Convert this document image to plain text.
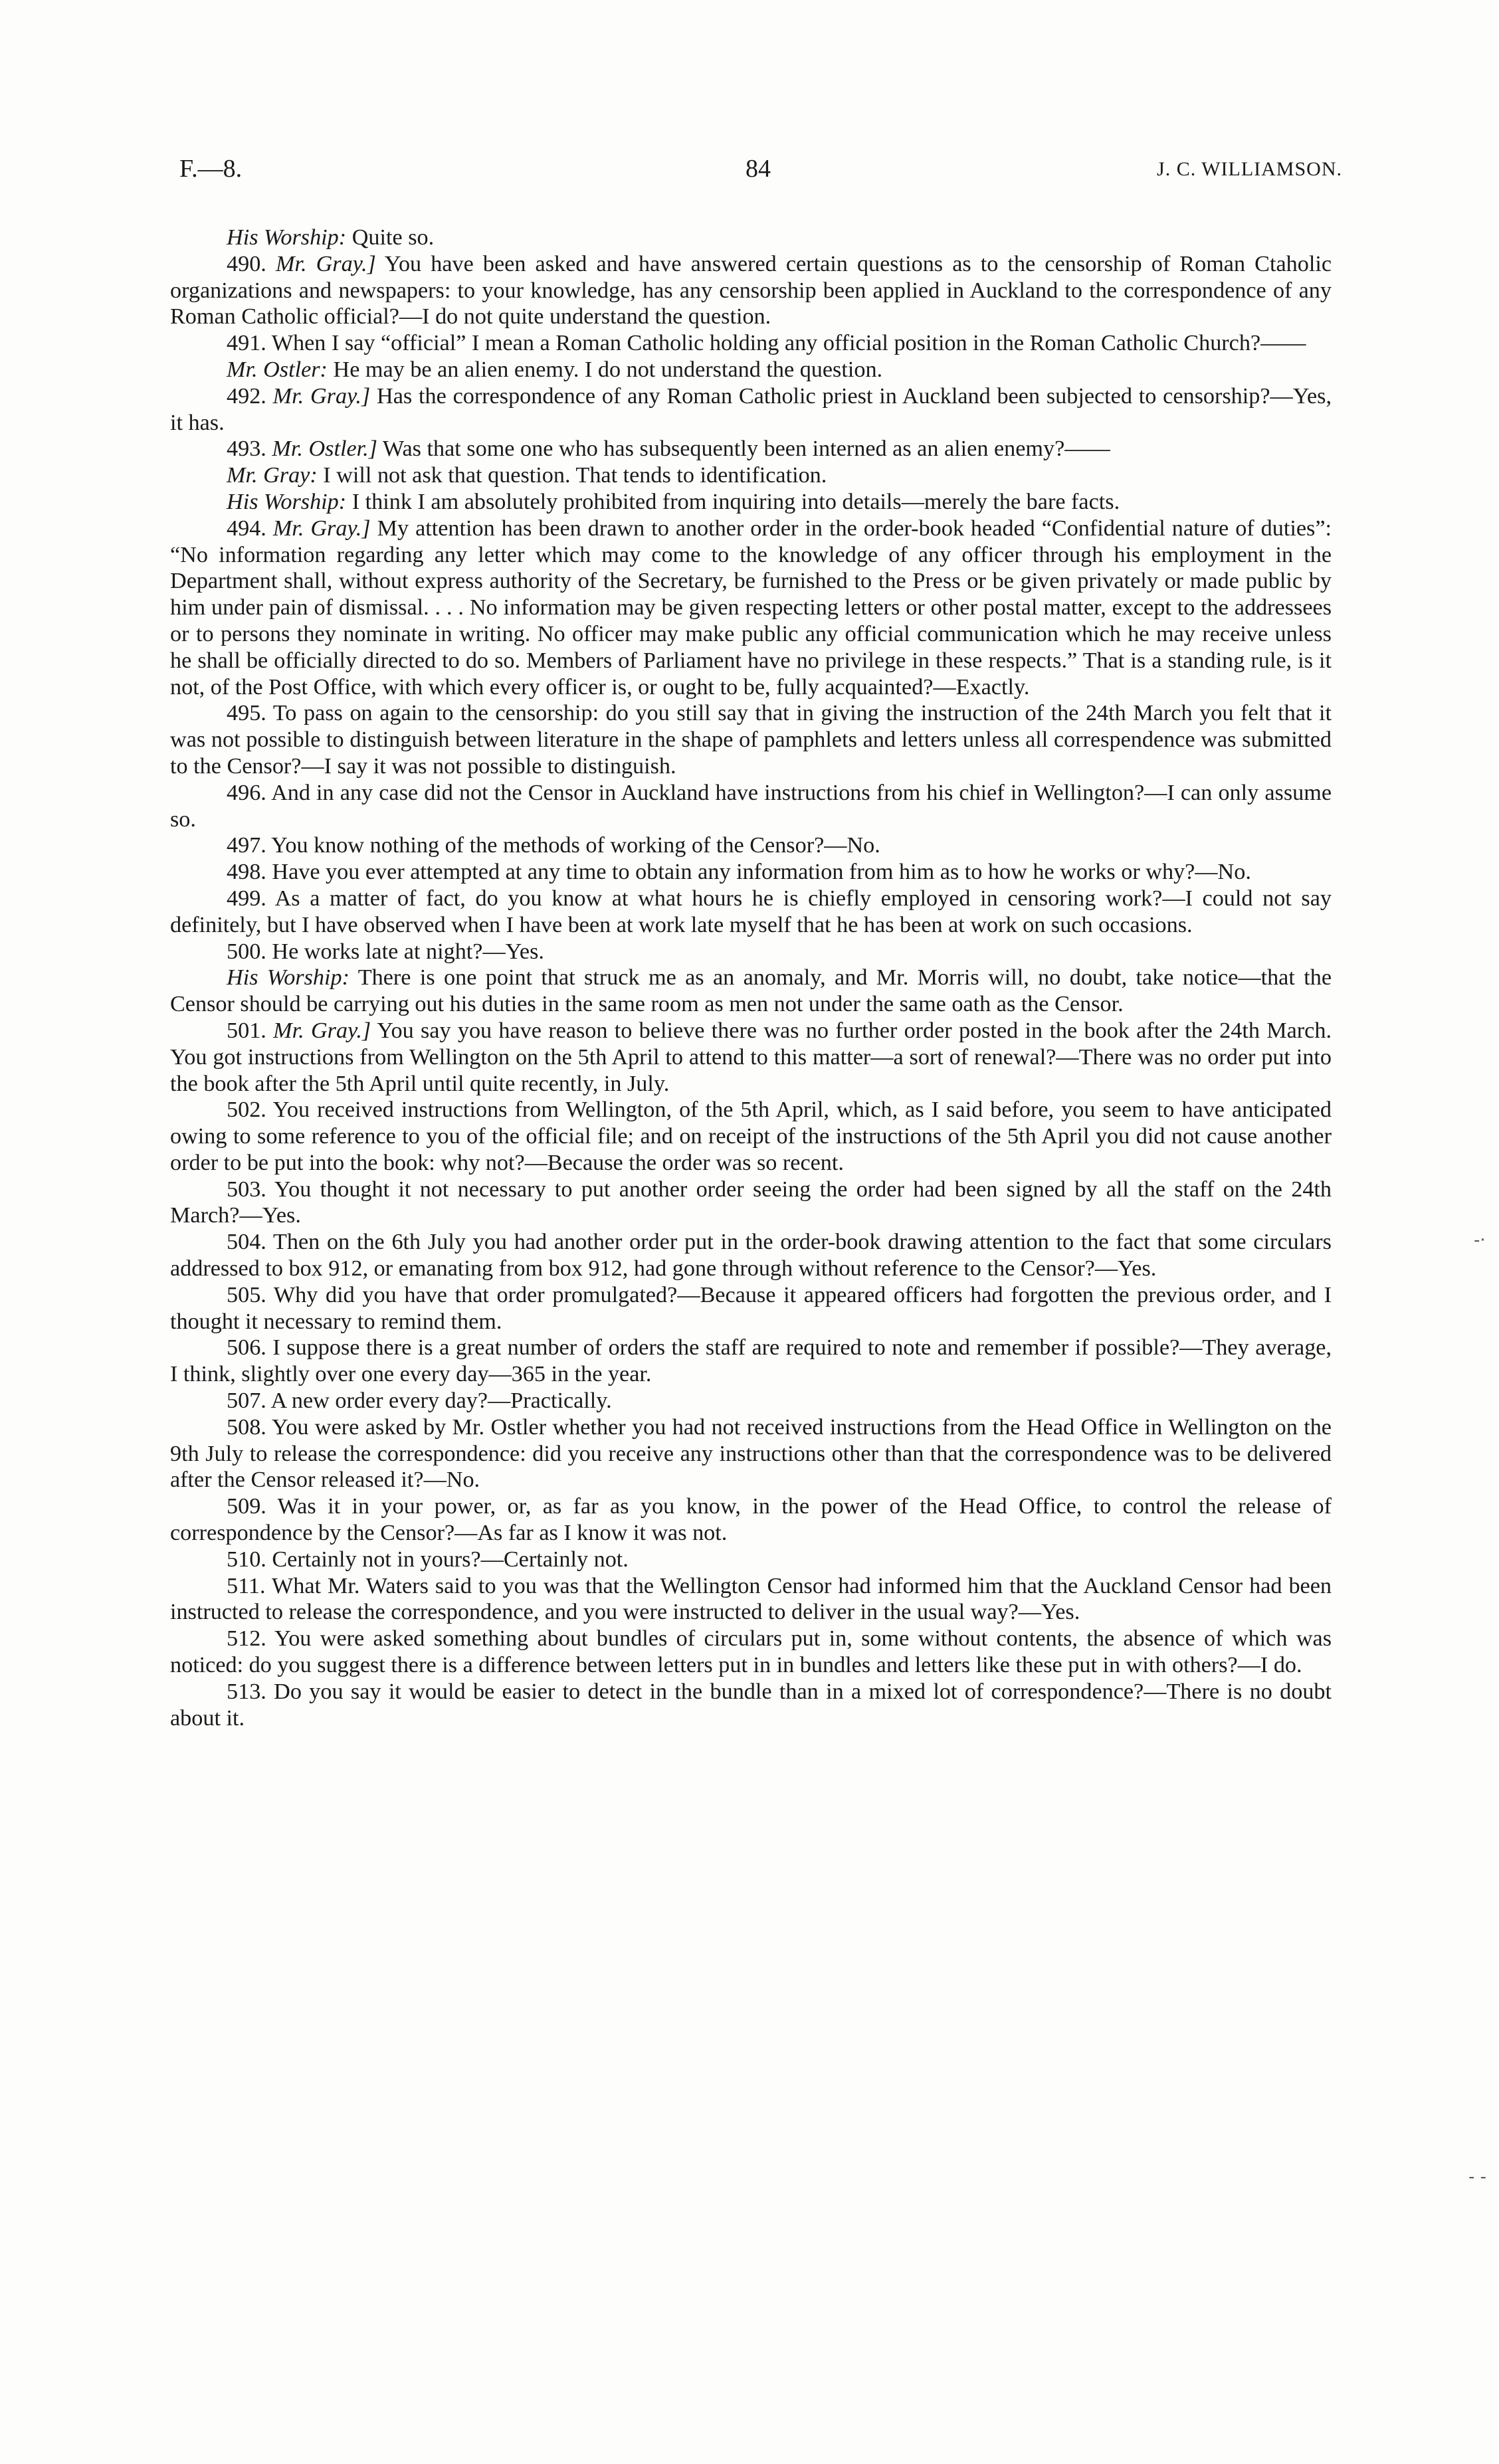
F.—8.	84	J. C. WILLIAMSON.

His Worship: Quite so.

490. Mr. Gray.] You have been asked and have answered certain questions as to the censorship of Roman Ctaholic organizations and newspapers: to your knowledge, has any censorship been applied in Auckland to the correspondence of any Roman Catholic official?—I do not quite understand the question.

491. When I say “official” I mean a Roman Catholic holding any official position in the Roman Catholic Church?——

Mr. Ostler: He may be an alien enemy. I do not understand the question.

492. Mr. Gray.] Has the correspondence of any Roman Catholic priest in Auckland been subjected to censorship?—Yes, it has.

493. Mr. Ostler.] Was that some one who has subsequently been interned as an alien enemy?——

Mr. Gray: I will not ask that question. That tends to identification.

His Worship: I think I am absolutely prohibited from inquiring into details—merely the bare facts.

494. Mr. Gray.] My attention has been drawn to another order in the order-book headed “Confidential nature of duties”: “No information regarding any letter which may come to the knowledge of any officer through his employment in the Department shall, without express authority of the Secretary, be furnished to the Press or be given privately or made public by him under pain of dismissal. . . . No information may be given respecting letters or other postal matter, except to the addressees or to persons they nominate in writing. No officer may make public any official communication which he may receive unless he shall be officially directed to do so. Members of Parliament have no privilege in these respects.” That is a standing rule, is it not, of the Post Office, with which every officer is, or ought to be, fully acquainted?—Exactly.

495. To pass on again to the censorship: do you still say that in giving the instruction of the 24th March you felt that it was not possible to distinguish between literature in the shape of pamphlets and letters unless all correspendence was submitted to the Censor?—I say it was not possible to distinguish.

496. And in any case did not the Censor in Auckland have instructions from his chief in Wellington?—I can only assume so.

497. You know nothing of the methods of working of the Censor?—No.

498. Have you ever attempted at any time to obtain any information from him as to how he works or why?—No.

499. As a matter of fact, do you know at what hours he is chiefly employed in censoring work?—I could not say definitely, but I have observed when I have been at work late myself that he has been at work on such occasions.

500. He works late at night?—Yes.

His Worship: There is one point that struck me as an anomaly, and Mr. Morris will, no doubt, take notice—that the Censor should be carrying out his duties in the same room as men not under the same oath as the Censor.

501. Mr. Gray.] You say you have reason to believe there was no further order posted in the book after the 24th March. You got instructions from Wellington on the 5th April to attend to this matter—a sort of renewal?—There was no order put into the book after the 5th April until quite recently, in July.

502. You received instructions from Wellington, of the 5th April, which, as I said before, you seem to have anticipated owing to some reference to you of the official file; and on receipt of the instructions of the 5th April you did not cause another order to be put into the book: why not?—Because the order was so recent.

503. You thought it not necessary to put another order seeing the order had been signed by all the staff on the 24th March?—Yes.

504. Then on the 6th July you had another order put in the order-book drawing attention to the fact that some circulars addressed to box 912, or emanating from box 912, had gone through without reference to the Censor?—Yes.

505. Why did you have that order promulgated?—Because it appeared officers had forgotten the previous order, and I thought it necessary to remind them.

506. I suppose there is a great number of orders the staff are required to note and remember if possible?—They average, I think, slightly over one every day—365 in the year.

507. A new order every day?—Practically.

508. You were asked by Mr. Ostler whether you had not received instructions from the Head Office in Wellington on the 9th July to release the correspondence: did you receive any instructions other than that the correspondence was to be delivered after the Censor released it?—No.

509. Was it in your power, or, as far as you know, in the power of the Head Office, to control the release of correspondence by the Censor?—As far as I know it was not.

510. Certainly not in yours?—Certainly not.

511. What Mr. Waters said to you was that the Wellington Censor had informed him that the Auckland Censor had been instructed to release the correspondence, and you were instructed to deliver in the usual way?—Yes.

512. You were asked something about bundles of circulars put in, some without contents, the absence of which was noticed: do you suggest there is a difference between letters put in in bundles and letters like these put in with others?—I do.

513. Do you say it would be easier to detect in the bundle than in a mixed lot of correspondence?—There is no doubt about it.

-·
- -
